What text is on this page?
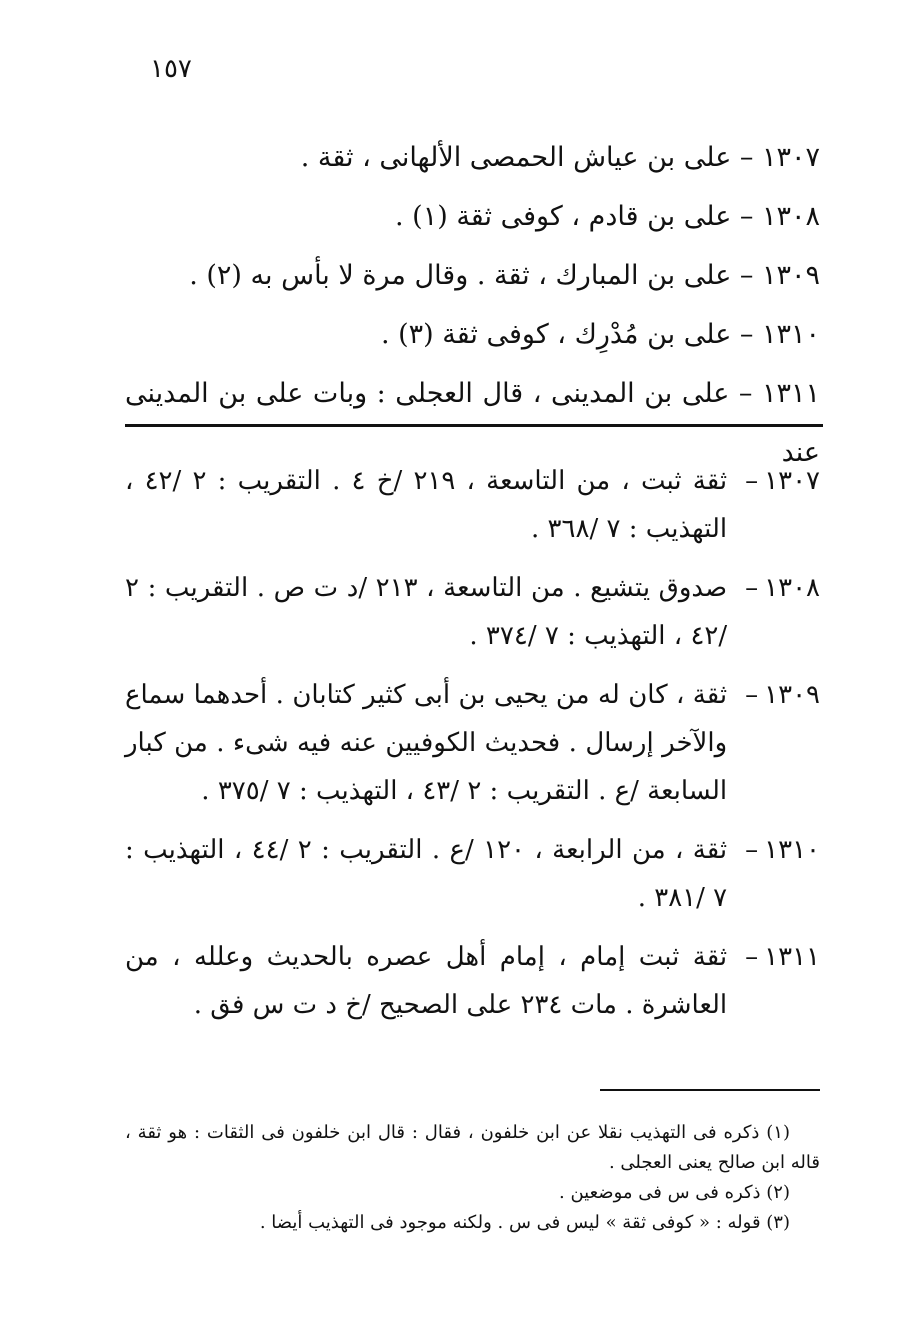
١٥٧
١٣٠٧ – على بن عياش الحمصى الألهانى ، ثقة .
١٣٠٨ – على بن قادم ، كوفى ثقة (١) .
١٣٠٩ – على بن المبارك ، ثقة . وقال مرة لا بأس به (٢) .
١٣١٠ – على بن مُدْرِك ، كوفى ثقة (٣) .
١٣١١ – على بن المدينى ، قال العجلى : وبات على بن المدينى عند
١٣٠٧–
ثقة ثبت ، من التاسعة ، ٢١٩ /خ ٤ . التقريب : ٢ /٤٢ ، التهذيب : ٧ /٣٦٨ .
١٣٠٨–
صدوق يتشيع . من التاسعة ، ٢١٣ /د ت ص . التقريب : ٢ /٤٢ ، التهذيب : ٧ /٣٧٤ .
١٣٠٩–
ثقة ، كان له من يحيى بن أبى كثير كتابان . أحدهما سماع والآخر إرسال . فحديث الكوفيين عنه فيه شىء . من كبار السابعة /ع . التقريب : ٢ /٤٣ ، التهذيب : ٧ /٣٧٥ .
١٣١٠–
ثقة ، من الرابعة ، ١٢٠ /ع . التقريب : ٢ /٤٤ ، التهذيب : ٧ /٣٨١ .
١٣١١–
ثقة ثبت إمام ، إمام أهل عصره بالحديث وعلله ، من العاشرة . مات ٢٣٤ على الصحيح /خ د ت س فق .
(١) ذكره فى التهذيب نقلا عن ابن خلفون ، فقال : قال ابن خلفون فى الثقات : هو ثقة ، قاله ابن صالح يعنى العجلى .
(٢) ذكره فى س فى موضعين .
(٣) قوله : « كوفى ثقة » ليس فى س . ولكنه موجود فى التهذيب أيضا .
